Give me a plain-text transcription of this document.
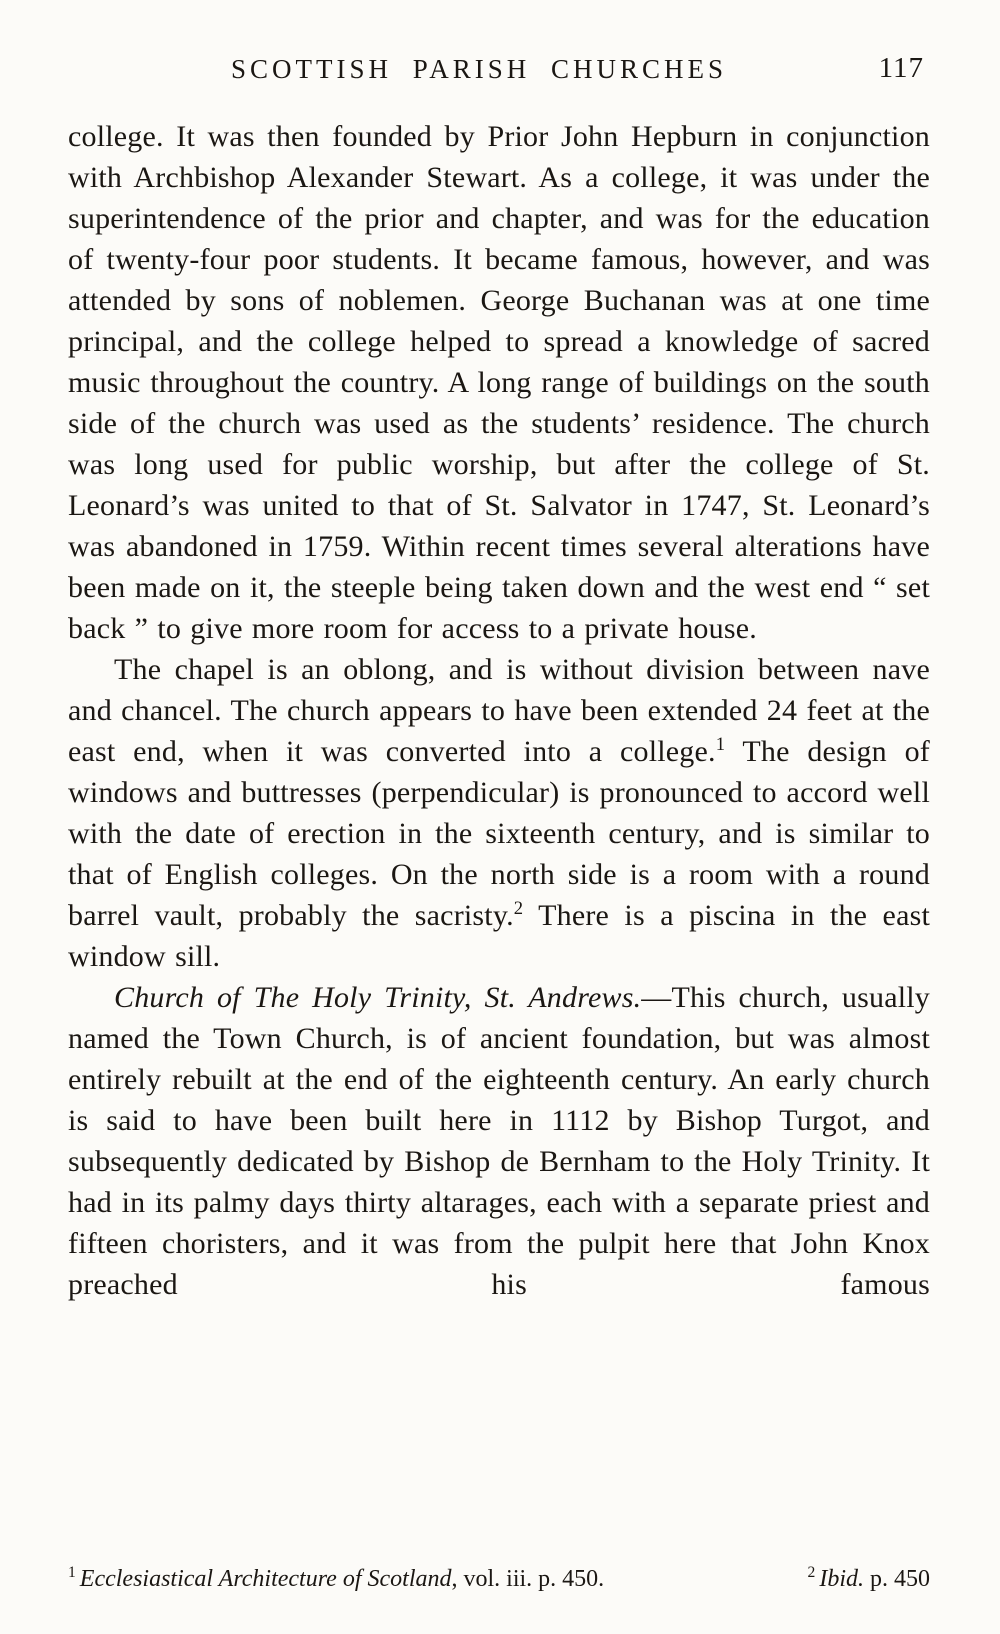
SCOTTISH PARISH CHURCHES	117

college. It was then founded by Prior John Hepburn in conjunction with Archbishop Alexander Stewart. As a college, it was under the superintendence of the prior and chapter, and was for the education of twenty-four poor students. It became famous, however, and was attended by sons of noblemen. George Buchanan was at one time principal, and the college helped to spread a knowledge of sacred music throughout the country. A long range of buildings on the south side of the church was used as the students’ residence. The church was long used for public worship, but after the college of St. Leonard’s was united to that of St. Salvator in 1747, St. Leonard’s was abandoned in 1759. Within recent times several alterations have been made on it, the steeple being taken down and the west end “ set back ” to give more room for access to a private house.

The chapel is an oblong, and is without division between nave and chancel. The church appears to have been extended 24 feet at the east end, when it was converted into a college.$^1$ The design of windows and buttresses (perpendicular) is pronounced to accord well with the date of erection in the sixteenth century, and is similar to that of English colleges. On the north side is a room with a round barrel vault, probably the sacristy.$^2$ There is a piscina in the east window sill.

Church of The Holy Trinity, St. Andrews.—This church, usually named the Town Church, is of ancient foundation, but was almost entirely rebuilt at the end of the eighteenth century. An early church is said to have been built here in 1112 by Bishop Turgot, and subsequently dedicated by Bishop de Bernham to the Holy Trinity. It had in its palmy days thirty altarages, each with a separate priest and fifteen choristers, and it was from the pulpit here that John Knox preached his famous

$^1$ Ecclesiastical Architecture of Scotland, vol. iii. p. 450.	$^2$ Ibid. p. 450
